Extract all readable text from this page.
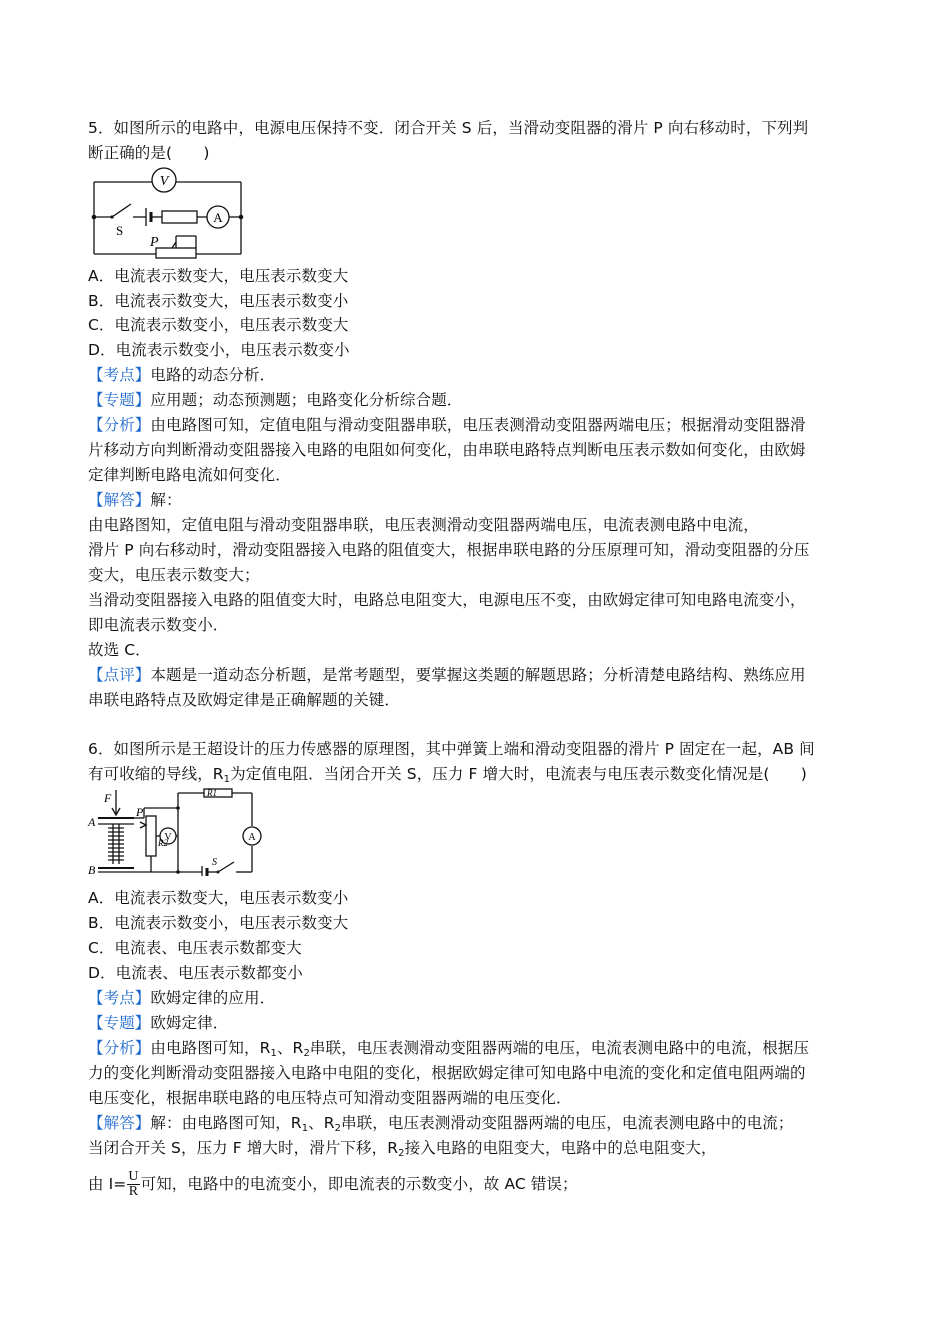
5．如图所示的电路中，电源电压保持不变．闭合开关 S 后，当滑动变阻器的滑片 P 向右移动时，下列判
断正确的是(　　)
V
A
S
P
A．电流表示数变大，电压表示数变大
B．电流表示数变大，电压表示数变小
C．电流表示数变小，电压表示数变大
D．电流表示数变小，电压表示数变小
【考点】电路的动态分析．
【专题】应用题；动态预测题；电路变化分析综合题．
【分析】由电路图可知，定值电阻与滑动变阻器串联，电压表测滑动变阻器两端电压；根据滑动变阻器滑
片移动方向判断滑动变阻器接入电路的电阻如何变化，由串联电路特点判断电压表示数如何变化，由欧姆
定律判断电路电流如何变化．
【解答】解：
由电路图知，定值电阻与滑动变阻器串联，电压表测滑动变阻器两端电压，电流表测电路中电流，
滑片 P 向右移动时，滑动变阻器接入电路的阻值变大，根据串联电路的分压原理可知，滑动变阻器的分压
变大，电压表示数变大；
当滑动变阻器接入电路的阻值变大时，电路总电阻变大，电源电压不变，由欧姆定律可知电路电流变小，
即电流表示数变小．
故选 C．
【点评】本题是一道动态分析题，是常考题型，要掌握这类题的解题思路；分析清楚电路结构、熟练应用
串联电路特点及欧姆定律是正确解题的关键．
6．如图所示是王超设计的压力传感器的原理图，其中弹簧上端和滑动变阻器的滑片 P 固定在一起，AB 间
有可收缩的导线，$R_1$为定值电阻．当闭合开关 S，压力 F 增大时，电流表与电压表示数变化情况是(　　)
F
A
B
P
R1
R2
V	A
S
A．电流表示数变大，电压表示数变小
B．电流表示数变小，电压表示数变大
C．电流表、电压表示数都变大
D．电流表、电压表示数都变小
【考点】欧姆定律的应用．
【专题】欧姆定律．
【分析】由电路图可知，$R_1$、$R_2$串联，电压表测滑动变阻器两端的电压，电流表测电路中的电流，根据压
力的变化判断滑动变阻器接入电路中电阻的变化，根据欧姆定律可知电路中电流的变化和定值电阻两端的
电压变化，根据串联电路的电压特点可知滑动变阻器两端的电压变化．
【解答】解：由电路图可知，$R_1$、$R_2$串联，电压表测滑动变阻器两端的电压，电流表测电路中的电流；
当闭合开关 S，压力 F 增大时，滑片下移，$R_2$接入电路的电阻变大，电路中的总电阻变大，
由 $I= \frac{U}{R}$ 可知，电路中的电流变小，即电流表的示数变小，故 AC 错误；
